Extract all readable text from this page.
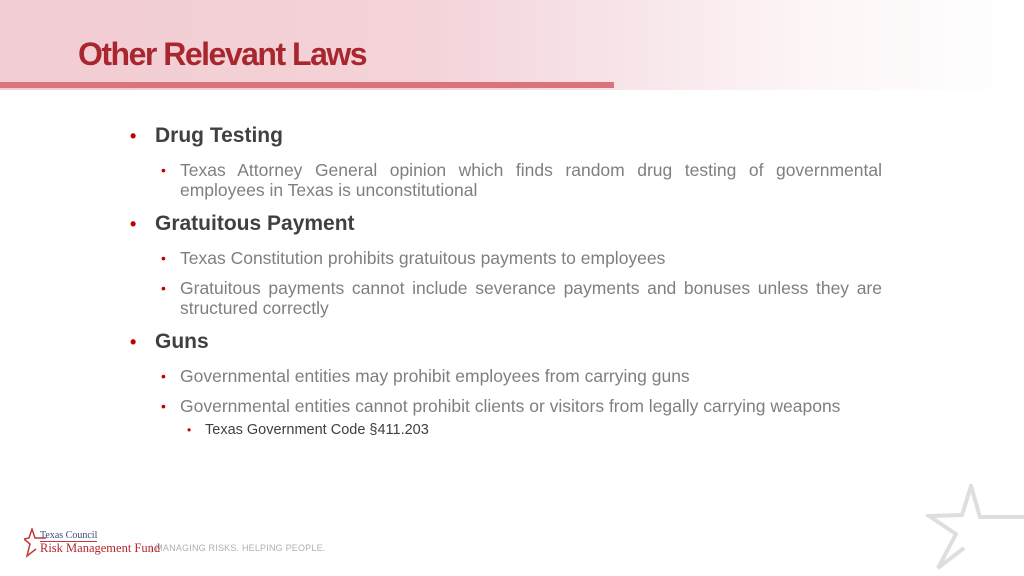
Other Relevant Laws
• Drug Testing
• Texas Attorney General opinion which finds random drug testing of governmental employees in Texas is unconstitutional
• Gratuitous Payment
• Texas Constitution prohibits gratuitous payments to employees
• Gratuitous payments cannot include severance payments and bonuses unless they are structured correctly
• Guns
• Governmental entities may prohibit employees from carrying guns
• Governmental entities cannot prohibit clients or visitors from legally carrying weapons
• Texas Government Code §411.203
Texas Council
Risk Management Fund
| MANAGING RISKS. HELPING PEOPLE.
